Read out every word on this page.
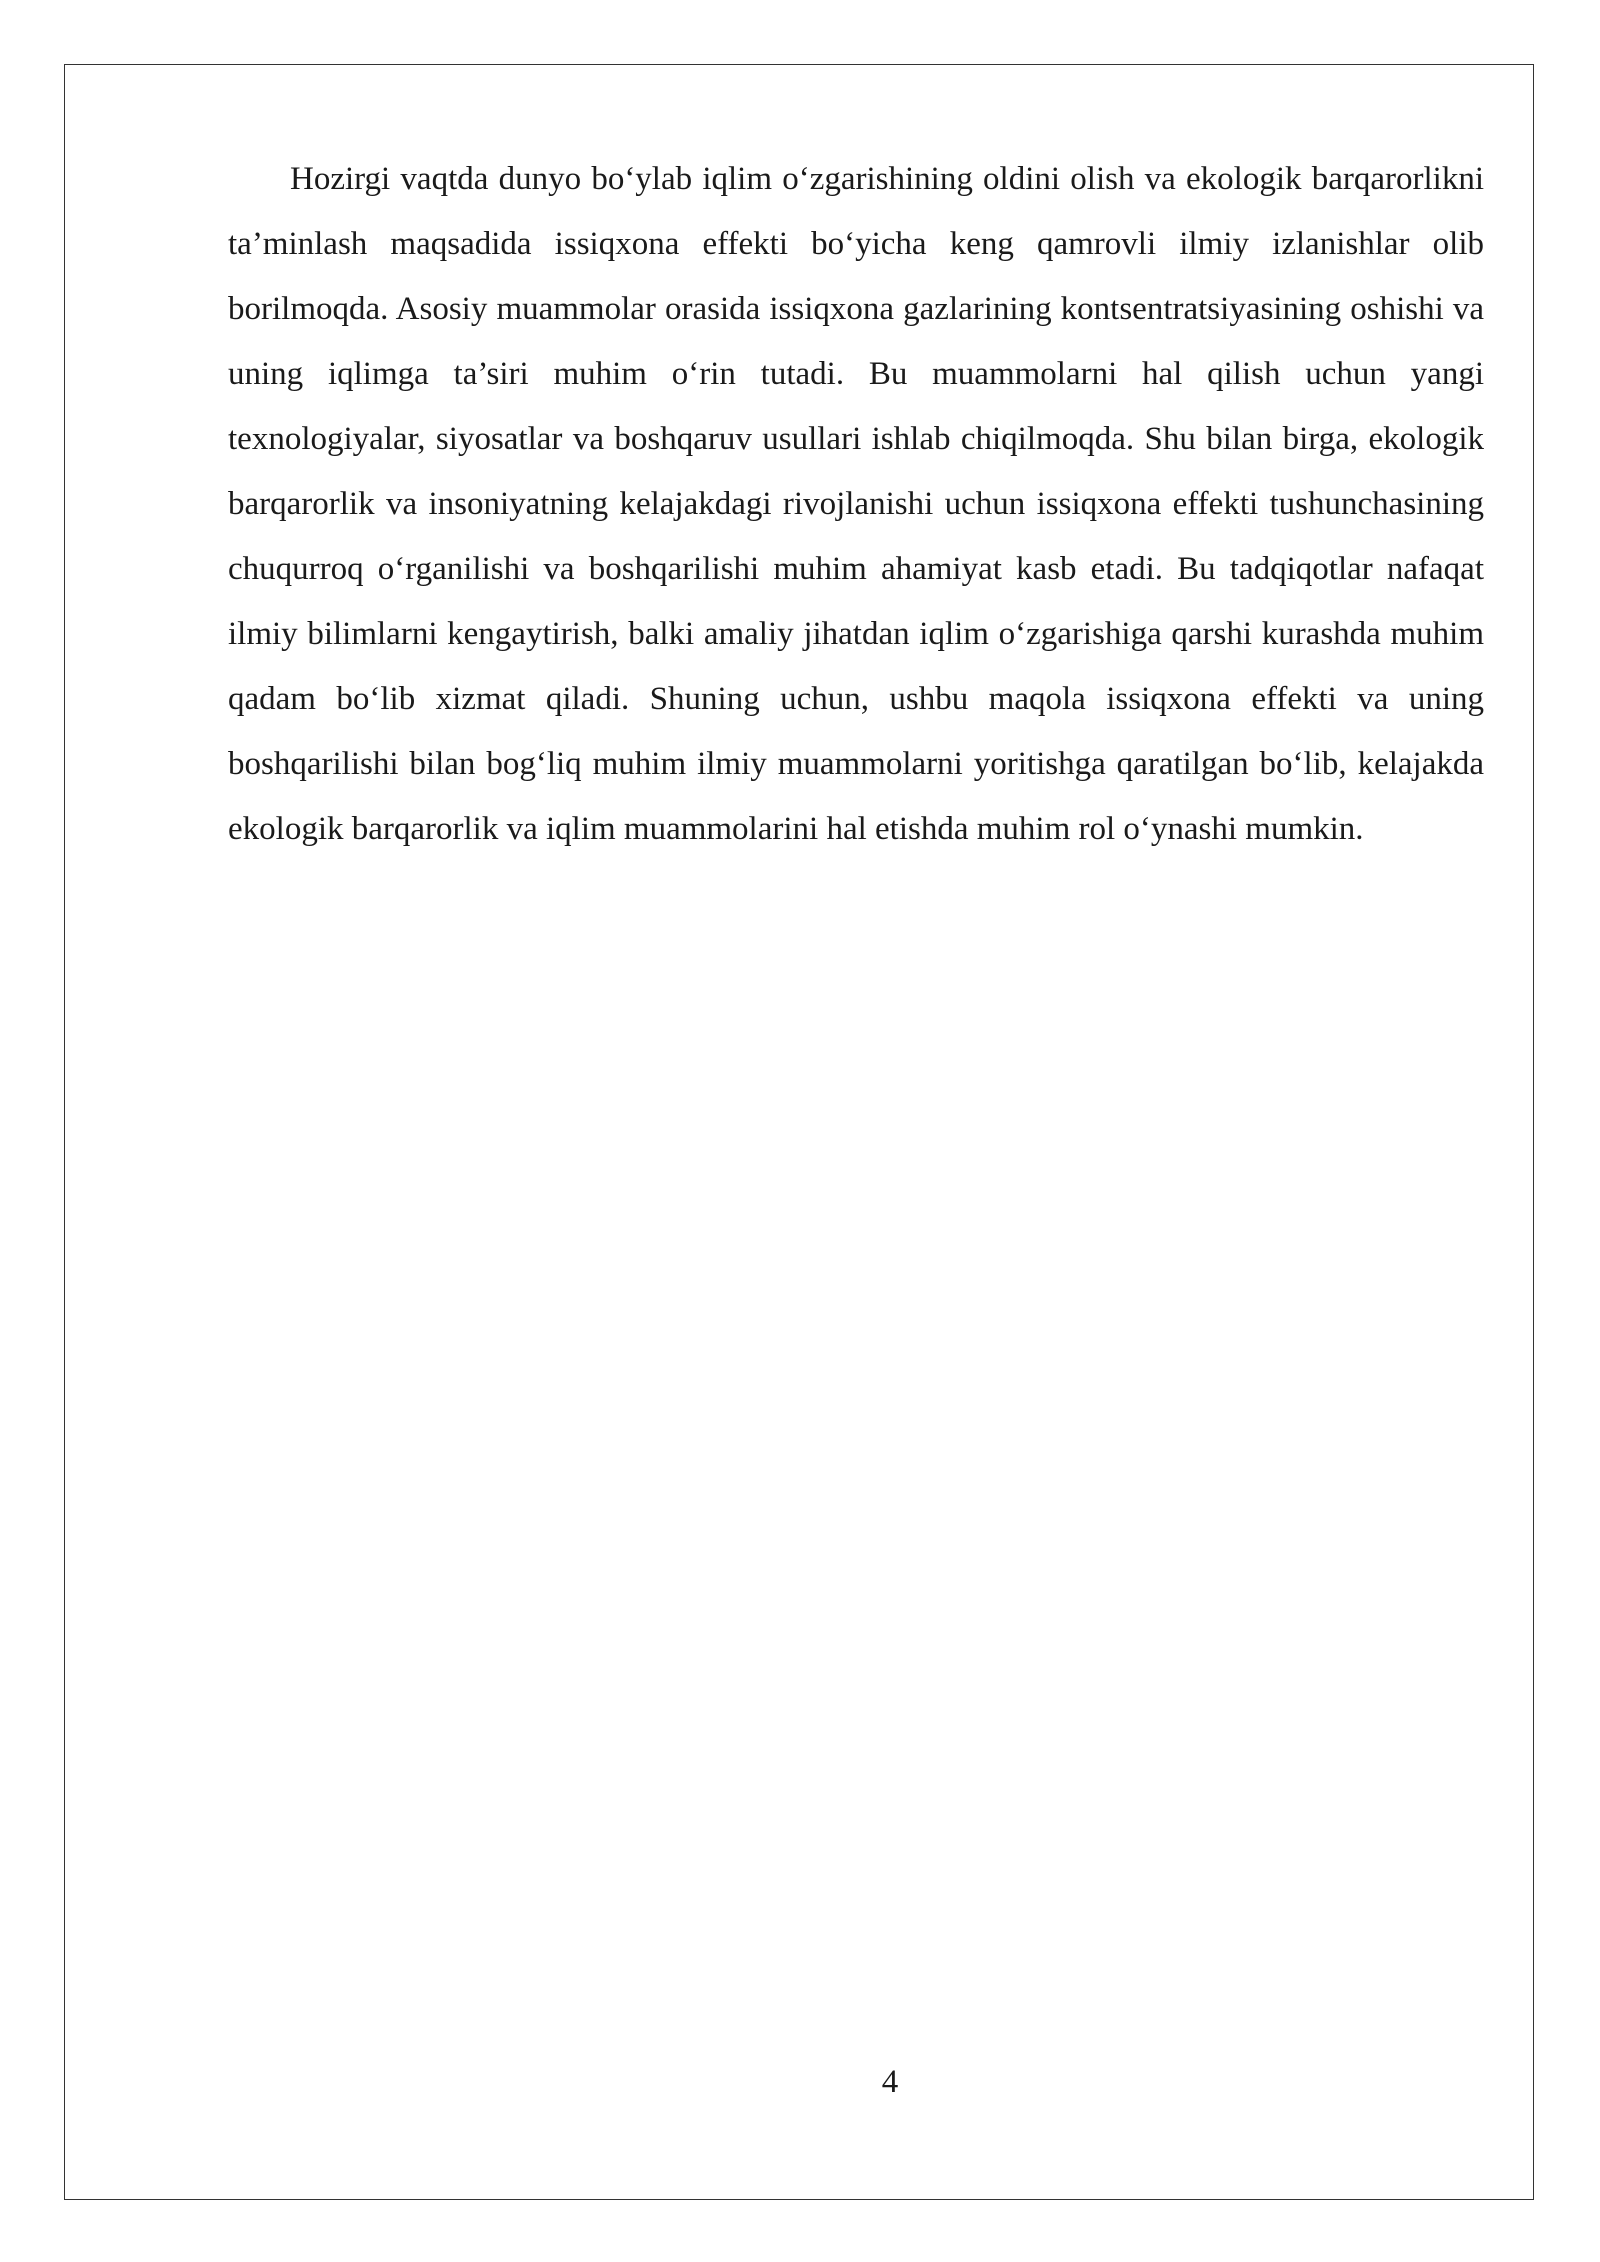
Hozirgi vaqtda dunyo bo‘ylab iqlim o‘zgarishining oldini olish va ekologik barqarorlikni ta’minlash maqsadida issiqxona effekti bo‘yicha keng qamrovli ilmiy izlanishlar olib borilmoqda. Asosiy muammolar orasida issiqxona gazlarining kontsentratsiyasining oshishi va uning iqlimga ta’siri muhim o‘rin tutadi. Bu muammolarni hal qilish uchun yangi texnologiyalar, siyosatlar va boshqaruv usullari ishlab chiqilmoqda. Shu bilan birga, ekologik barqarorlik va insoniyatning kelajakdagi rivojlanishi uchun issiqxona effekti tushunchasining chuqurroq o‘rganilishi va boshqarilishi muhim ahamiyat kasb etadi. Bu tadqiqotlar nafaqat ilmiy bilimlarni kengaytirish, balki amaliy jihatdan iqlim o‘zgarishiga qarshi kurashda muhim qadam bo‘lib xizmat qiladi. Shuning uchun, ushbu maqola issiqxona effekti va uning boshqarilishi bilan bog‘liq muhim ilmiy muammolarni yoritishga qaratilgan bo‘lib, kelajakda ekologik barqarorlik va iqlim muammolarini hal etishda muhim rol o‘ynashi mumkin.

4
